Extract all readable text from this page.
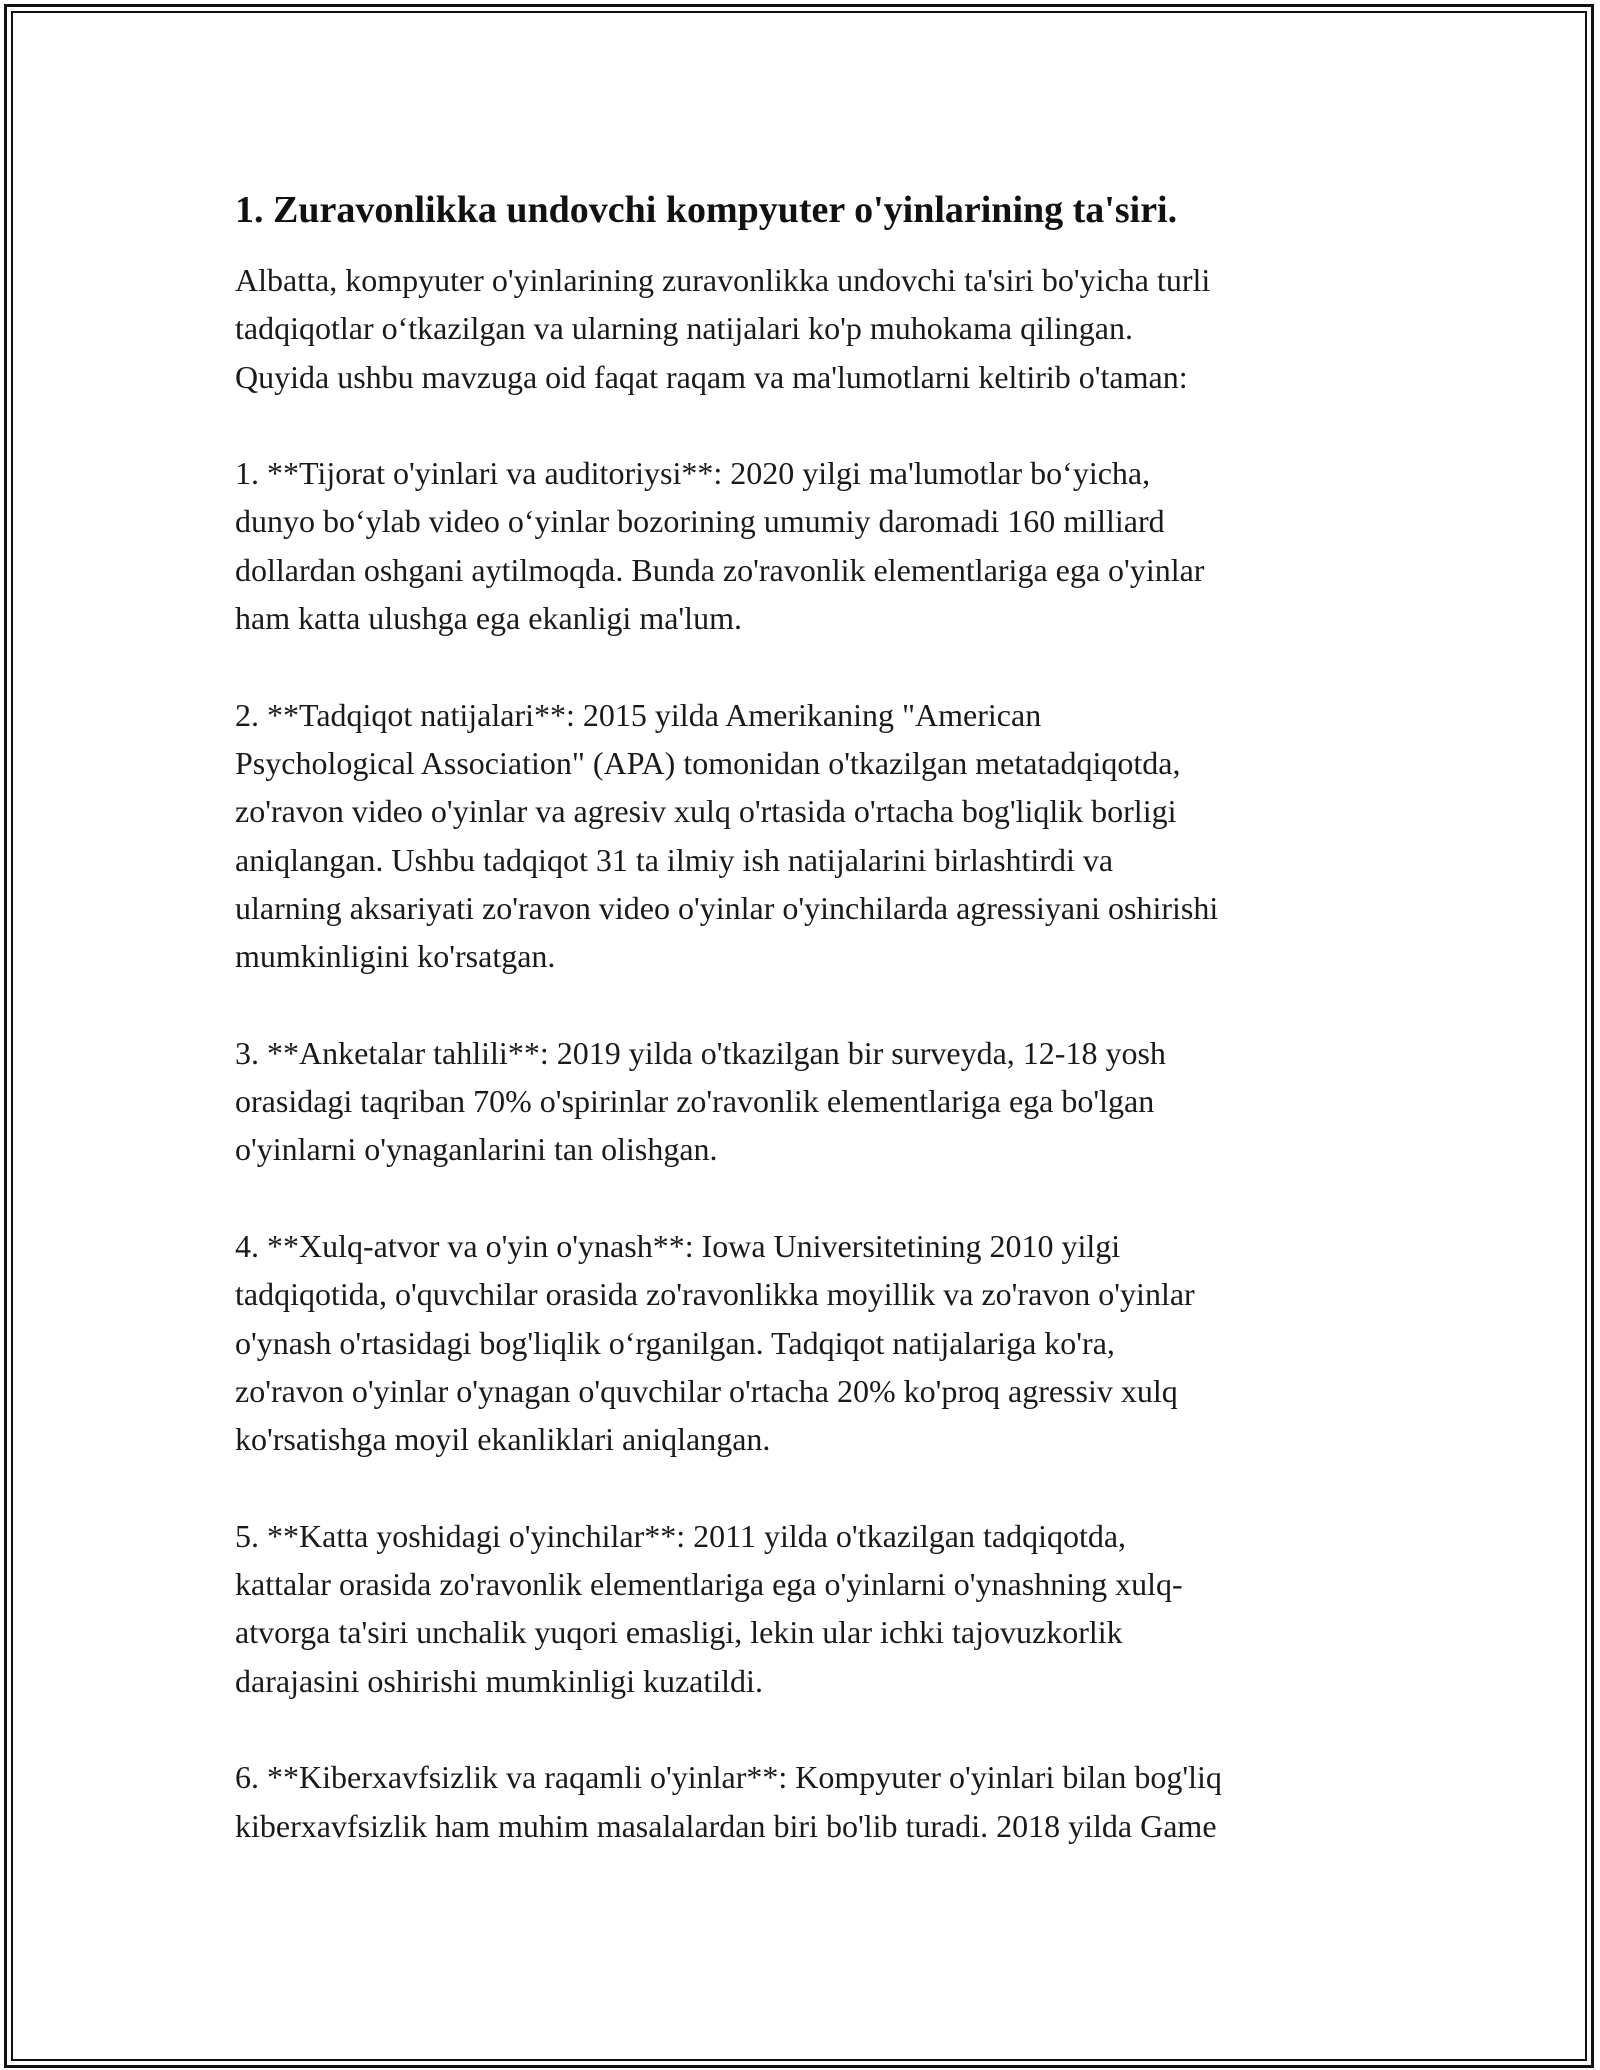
1. Zuravonlikka undovchi kompyuter o'yinlarining ta'siri.

Albatta, kompyuter o'yinlarining zuravonlikka undovchi ta'siri bo'yicha turli
tadqiqotlar o‘tkazilgan va ularning natijalari ko'p muhokama qilingan.
Quyida ushbu mavzuga oid faqat raqam va ma'lumotlarni keltirib o'taman:

1. **Tijorat o'yinlari va auditoriysi**: 2020 yilgi ma'lumotlar bo‘yicha,
dunyo bo‘ylab video o‘yinlar bozorining umumiy daromadi 160 milliard
dollardan oshgani aytilmoqda. Bunda zo'ravonlik elementlariga ega o'yinlar
ham katta ulushga ega ekanligi ma'lum.

2. **Tadqiqot natijalari**: 2015 yilda Amerikaning "American
Psychological Association" (APA) tomonidan o'tkazilgan metatadqiqotda,
zo'ravon video o'yinlar va agresiv xulq o'rtasida o'rtacha bog'liqlik borligi
aniqlangan. Ushbu tadqiqot 31 ta ilmiy ish natijalarini birlashtirdi va
ularning aksariyati zo'ravon video o'yinlar o'yinchilarda agressiyani oshirishi
mumkinligini ko'rsatgan.

3. **Anketalar tahlili**: 2019 yilda o'tkazilgan bir surveyda, 12-18 yosh
orasidagi taqriban 70% o'spirinlar zo'ravonlik elementlariga ega bo'lgan
o'yinlarni o'ynaganlarini tan olishgan.

4. **Xulq-atvor va o'yin o'ynash**: Iowa Universitetining 2010 yilgi
tadqiqotida, o'quvchilar orasida zo'ravonlikka moyillik va zo'ravon o'yinlar
o'ynash o'rtasidagi bog'liqlik o‘rganilgan. Tadqiqot natijalariga ko'ra,
zo'ravon o'yinlar o'ynagan o'quvchilar o'rtacha 20% ko'proq agressiv xulq
ko'rsatishga moyil ekanliklari aniqlangan.

5. **Katta yoshidagi o'yinchilar**: 2011 yilda o'tkazilgan tadqiqotda,
kattalar orasida zo'ravonlik elementlariga ega o'yinlarni o'ynashning xulq-
atvorga ta'siri unchalik yuqori emasligi, lekin ular ichki tajovuzkorlik
darajasini oshirishi mumkinligi kuzatildi.

6. **Kiberxavfsizlik va raqamli o'yinlar**: Kompyuter o'yinlari bilan bog'liq
kiberxavfsizlik ham muhim masalalardan biri bo'lib turadi. 2018 yilda Game
